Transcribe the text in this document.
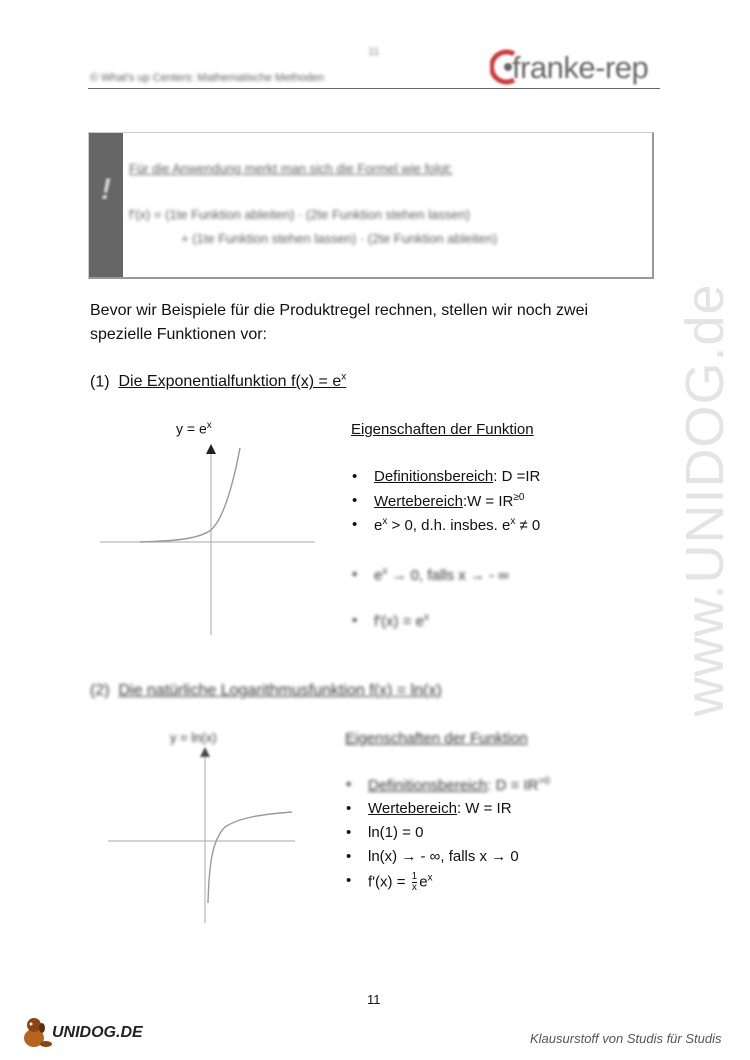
11
© What's up Centers: Mathematische Methoden	franke-rep
!
Für die Anwendung merkt man sich die Formel wie folgt:
f'(x) = (1te Funktion ableiten) · (2te Funktion stehen lassen)
+ (1te Funktion stehen lassen) · (2te Funktion ableiten)
Bevor wir Beispiele für die Produktregel rechnen, stellen wir noch zwei
spezielle Funktionen vor:
(1) Die Exponentialfunktion $f(x) = e^x$
$y = e^x$	Eigenschaften der Funktion
• Definitionsbereich: D =IR
• Wertebereich:W = $IR^{\ge 0}$
• $e^x > 0$, d.h. insbes. $e^x \ne 0$
• $e^x \to 0$, falls x → - ∞
• $f'(x) = e^x$
(2) Die natürliche Logarithmusfunktion f(x) = ln(x)
y = ln(x)	Eigenschaften der Funktion
• Definitionsbereich: $D = IR^{>0}$
• Wertebereich: W = IR
• ln(1) = 0
• ln(x) → - ∞, falls x → 0
• $f'(x) = \frac{1}{x} e^x$
www.UNIDOG.de
11
UNIDOG.DE	Klausurstoff von Studis für Studis
